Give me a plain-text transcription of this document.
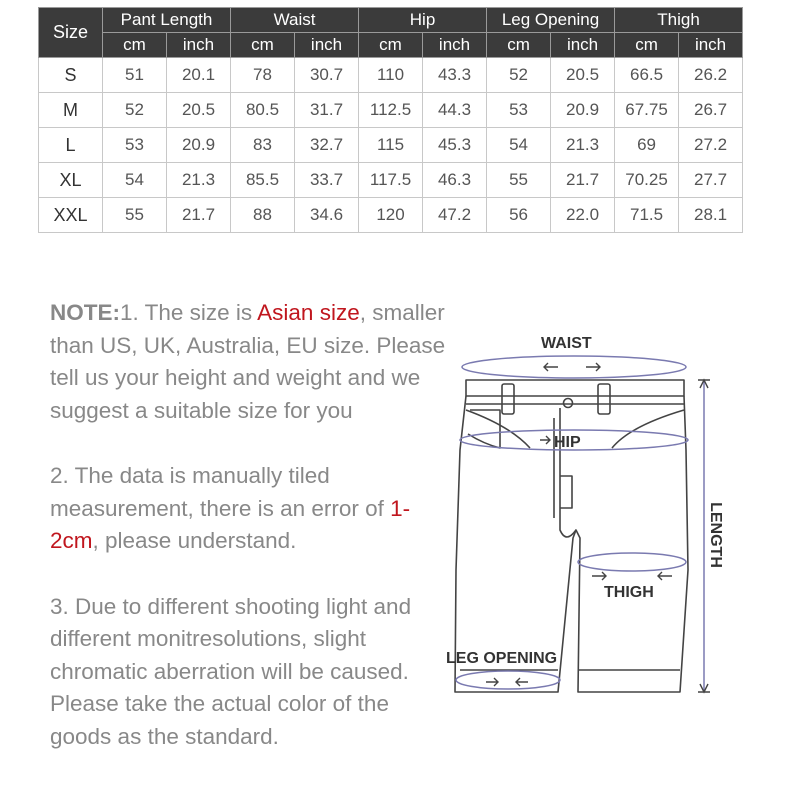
Size	Pant Length		Waist		Hip		Leg Opening		Thigh	
	cm	inch	cm	inch	cm	inch	cm	inch	cm	inch
S	51	20.1	78	30.7	110	43.3	52	20.5	66.5	26.2
M	52	20.5	80.5	31.7	112.5	44.3	53	20.9	67.75	26.7
L	53	20.9	83	32.7	115	45.3	54	21.3	69	27.2
XL	54	21.3	85.5	33.7	117.5	46.3	55	21.7	70.25	27.7
XXL	55	21.7	88	34.6	120	47.2	56	22.0	71.5	28.1

NOTE:1. The size is Asian size, smaller than US, UK, Australia, EU size. Please tell us your height and weight and we suggest a suitable size for you

2. The data is manually tiled measurement, there is an error of 1-2cm, please understand.

3. Due to different shooting light and different monitresolutions, slight chromatic aberration will be caused. Please take the actual color of the goods as the standard.

WAIST
HIP
THIGH
LEG OPENING
LENGTH
